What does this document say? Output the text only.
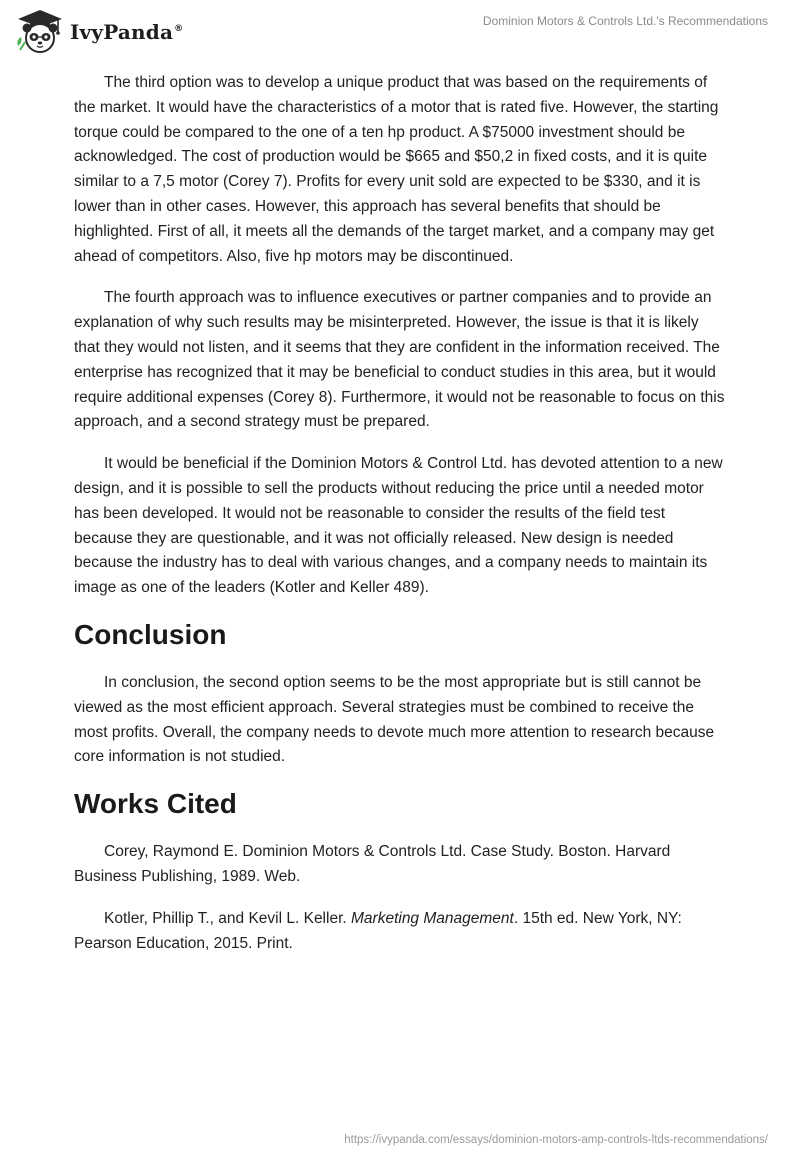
IvyPanda®
Dominion Motors & Controls Ltd.'s Recommendations

The third option was to develop a unique product that was based on the requirements of the market. It would have the characteristics of a motor that is rated five. However, the starting torque could be compared to the one of a ten hp product. A $75000 investment should be acknowledged. The cost of production would be $665 and $50,2 in fixed costs, and it is quite similar to a 7,5 motor (Corey 7). Profits for every unit sold are expected to be $330, and it is lower than in other cases. However, this approach has several benefits that should be highlighted. First of all, it meets all the demands of the target market, and a company may get ahead of competitors. Also, five hp motors may be discontinued.

The fourth approach was to influence executives or partner companies and to provide an explanation of why such results may be misinterpreted. However, the issue is that it is likely that they would not listen, and it seems that they are confident in the information received. The enterprise has recognized that it may be beneficial to conduct studies in this area, but it would require additional expenses (Corey 8). Furthermore, it would not be reasonable to focus on this approach, and a second strategy must be prepared.

It would be beneficial if the Dominion Motors & Control Ltd. has devoted attention to a new design, and it is possible to sell the products without reducing the price until a needed motor has been developed. It would not be reasonable to consider the results of the field test because they are questionable, and it was not officially released. New design is needed because the industry has to deal with various changes, and a company needs to maintain its image as one of the leaders (Kotler and Keller 489).

Conclusion

In conclusion, the second option seems to be the most appropriate but is still cannot be viewed as the most efficient approach. Several strategies must be combined to receive the most profits. Overall, the company needs to devote much more attention to research because core information is not studied.

Works Cited

Corey, Raymond E. Dominion Motors & Controls Ltd. Case Study. Boston. Harvard Business Publishing, 1989. Web.

Kotler, Phillip T., and Kevil L. Keller. Marketing Management. 15th ed. New York, NY: Pearson Education, 2015. Print.

https://ivypanda.com/essays/dominion-motors-amp-controls-ltds-recommendations/
